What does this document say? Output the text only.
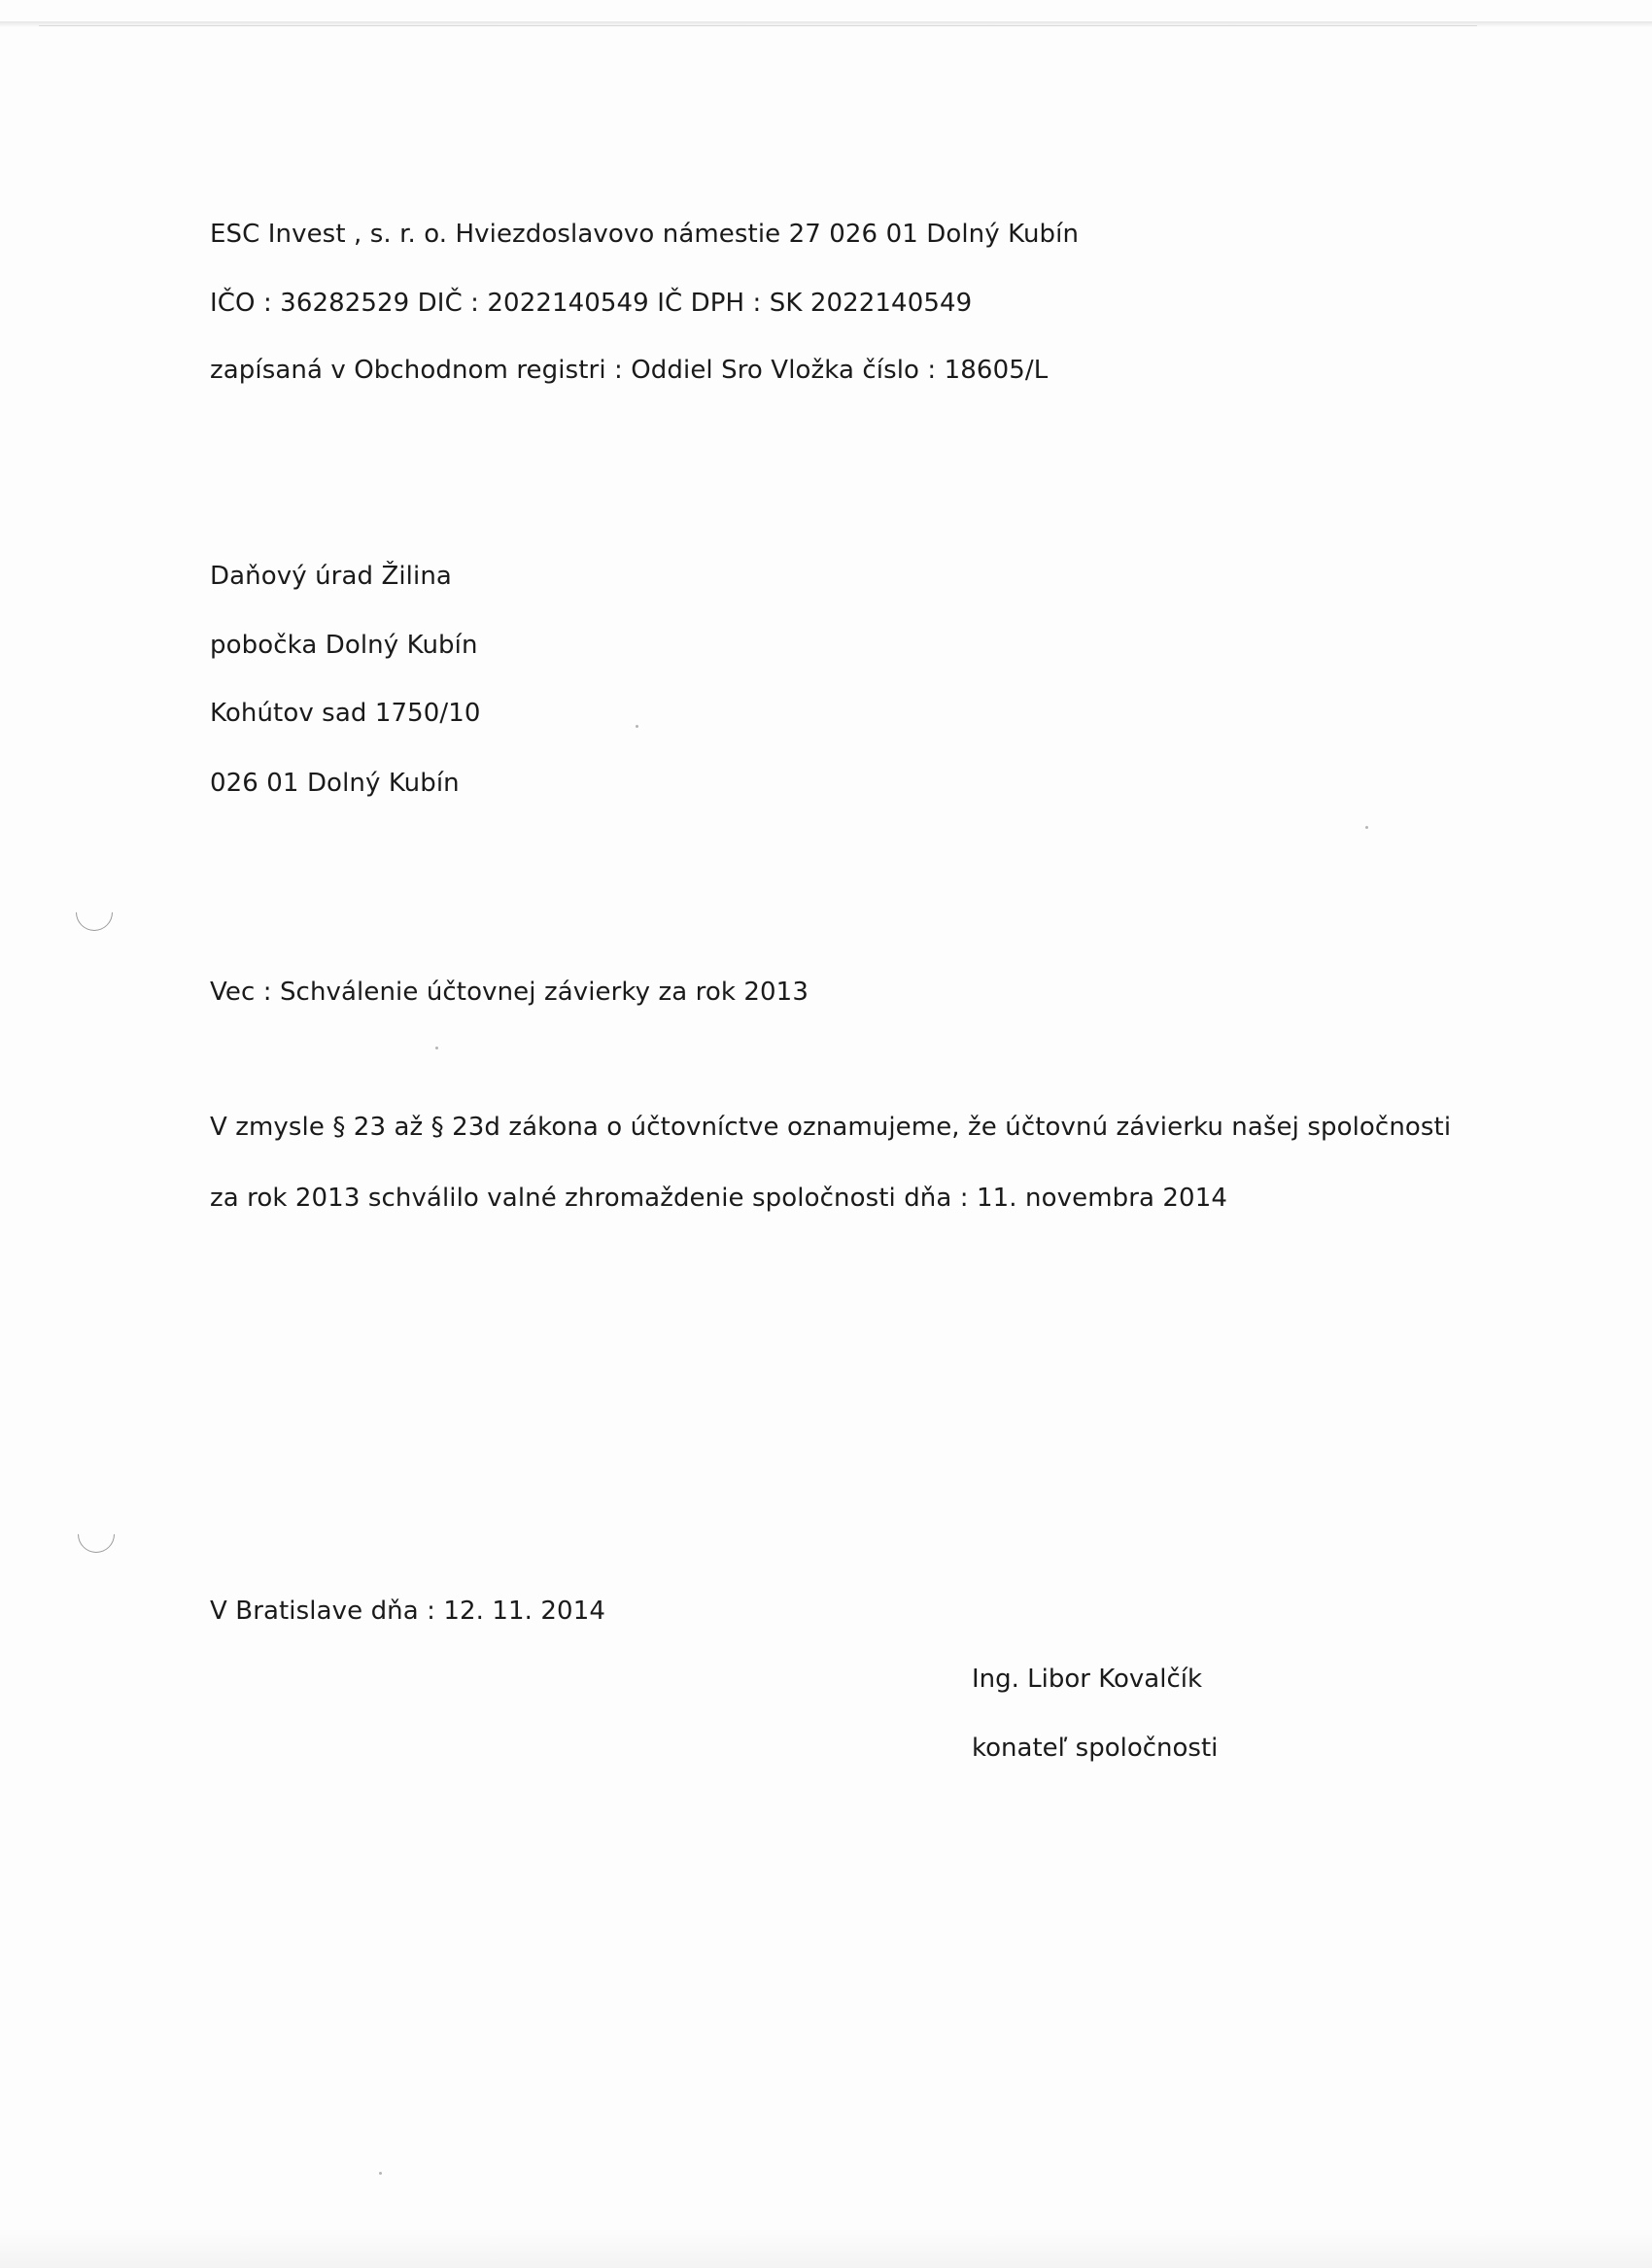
ESC Invest , s. r. o. Hviezdoslavovo námestie 27 026 01 Dolný Kubín
IČO : 36282529 DIČ : 2022140549 IČ DPH : SK 2022140549
zapísaná v Obchodnom registri : Oddiel Sro Vložka číslo : 18605/L
Daňový úrad Žilina
pobočka Dolný Kubín
Kohútov sad 1750/10
026 01 Dolný Kubín
Vec : Schválenie účtovnej závierky za rok 2013
V zmysle § 23 až § 23d zákona o účtovníctve oznamujeme, že účtovnú závierku našej spoločnosti
za rok 2013 schválilo valné zhromaždenie spoločnosti dňa : 11. novembra 2014
V Bratislave dňa : 12. 11. 2014
Ing. Libor Kovalčík
konateľ spoločnosti
